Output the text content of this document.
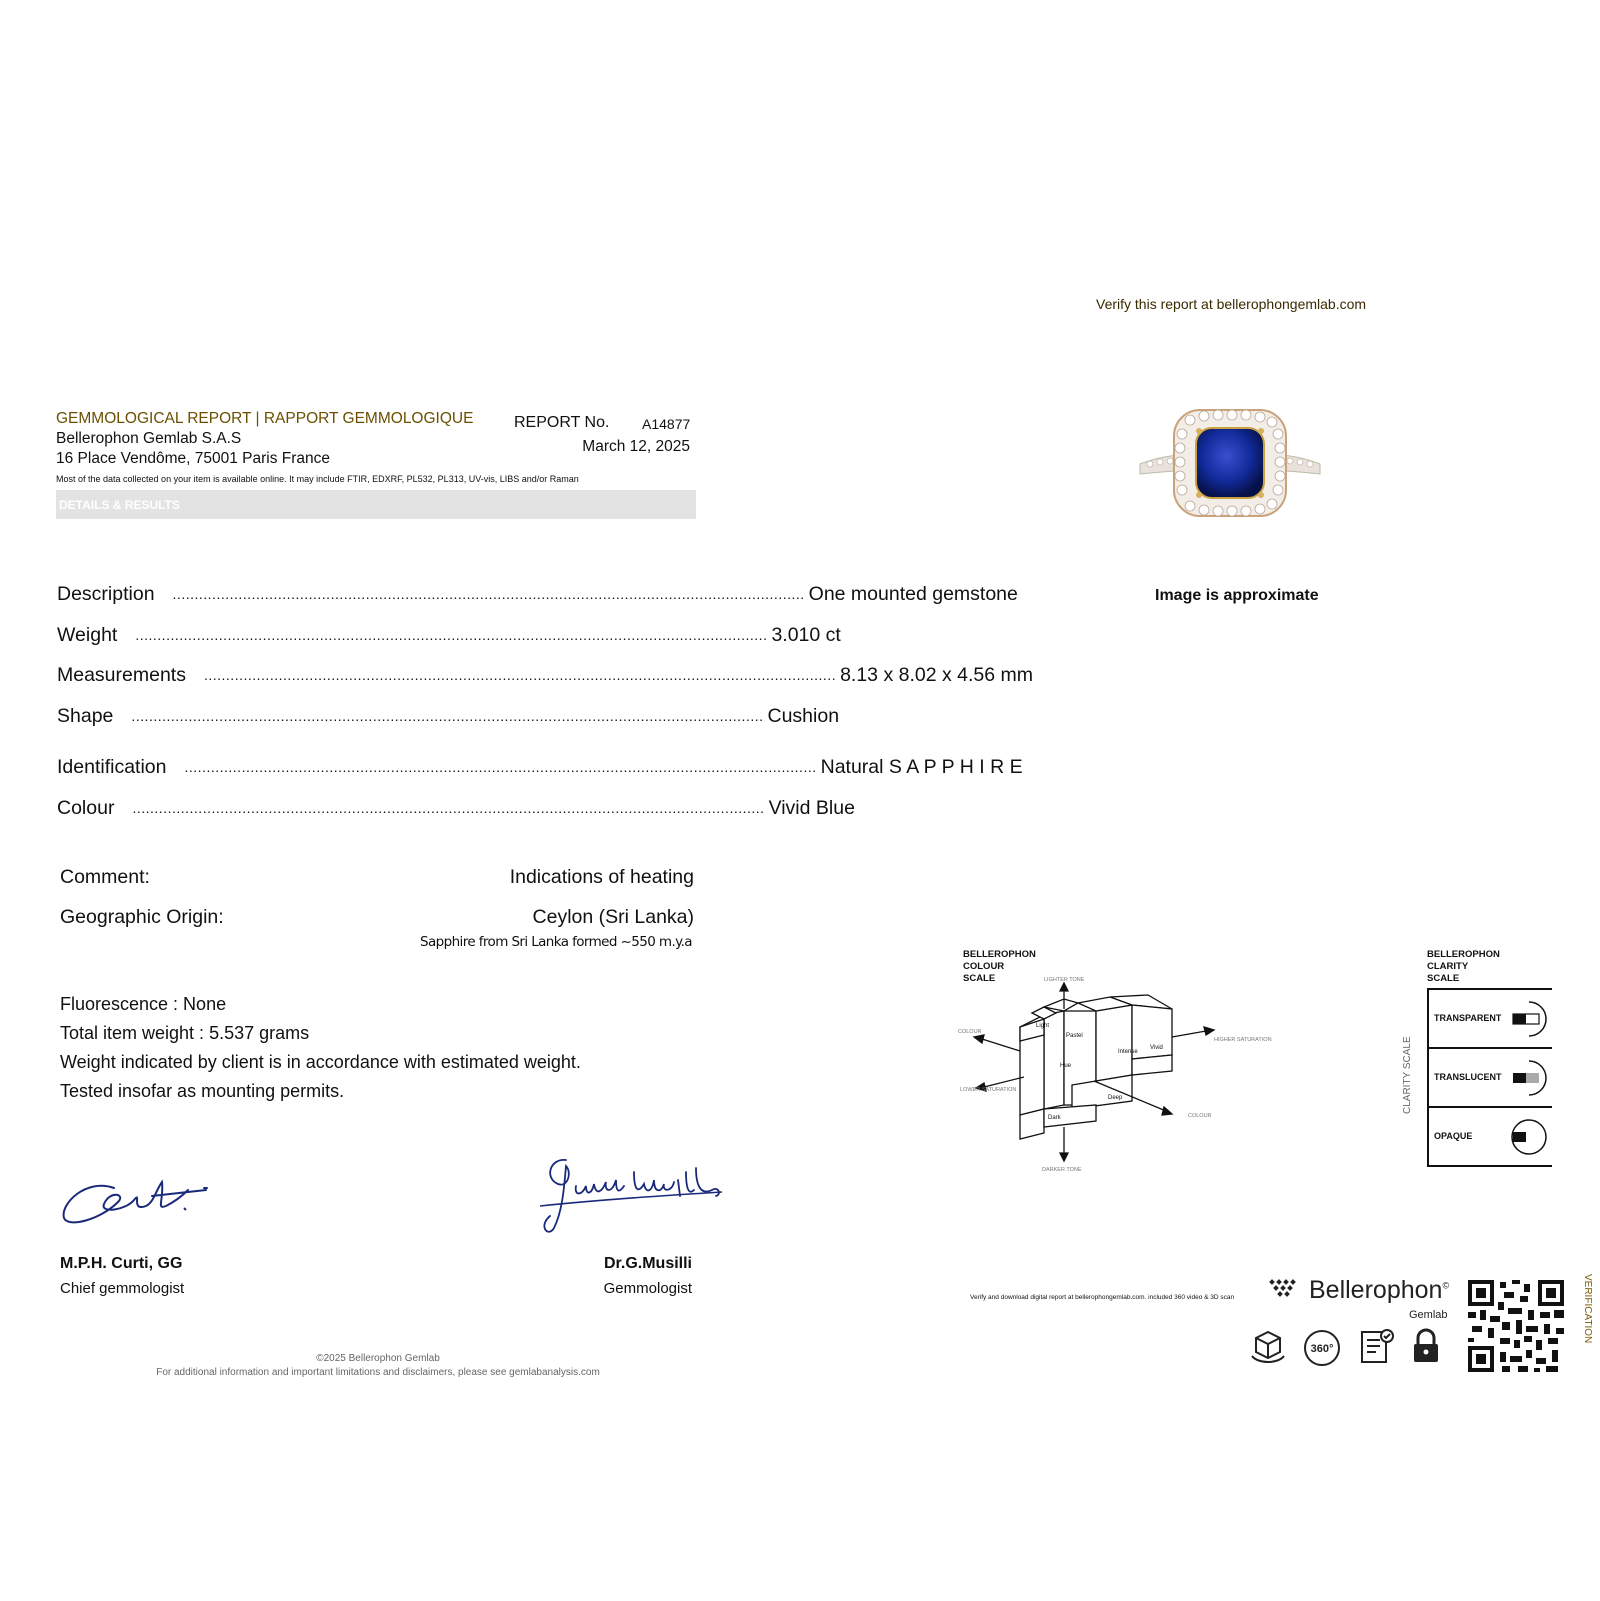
GEMMOLOGICAL REPORT | RAPPORT GEMMOLOGIQUE
Bellerophon Gemlab S.A.S
16 Place Vendôme, 75001 Paris France
REPORT No. A14877
March 12, 2025
Most of the data collected on your item is available online. It may include FTIR, EDXRF, PL532, PL313, UV-vis, LIBS and/or Raman
DETAILS & RESULTS
Description ................................................................................................................................................ One mounted gemstone
Weight ................................................................................................................................................ 3.010 ct
Measurements ................................................................................................................................................ 8.13 x 8.02 x 4.56 mm
Shape ................................................................................................................................................ Cushion
Identification ................................................................................................................................................ Natural S A P P H I R E
Colour ................................................................................................................................................ Vivid Blue
Comment:	Indications of heating
Geographic Origin:	Ceylon (Sri Lanka)
Sapphire from Sri Lanka formed ~550 m.y.a
Fluorescence : None
Total item weight : 5.537 grams
Weight indicated by client is in accordance with estimated weight.
Tested insofar as mounting permits.
M.P.H. Curti, GG
Chief gemmologist
Dr.G.Musilli
Gemmologist
©2025 Bellerophon Gemlab
For additional information and important limitations and disclaimers, please see gemlabanalysis.com
Verify this report at bellerophongemlab.com
Image is approximate
BELLEROPHON
COLOUR
SCALE	LIGHTER TONE
DARKER TONE
COLOUR
COLOUR
LOWER SATURATION
HIGHER SATURATION
Light
Pastel
Hue
Intense
Vivid
Deep
Dark
BELLEROPHON
CLARITY
SCALE
CLARITY SCALE
TRANSPARENT
TRANSLUCENT
OPAQUE
Verify and download digital report at bellerophongemlab.com. included 360 video & 3D scan	Bellerophon©
Gemlab
360°
VERIFICATION
